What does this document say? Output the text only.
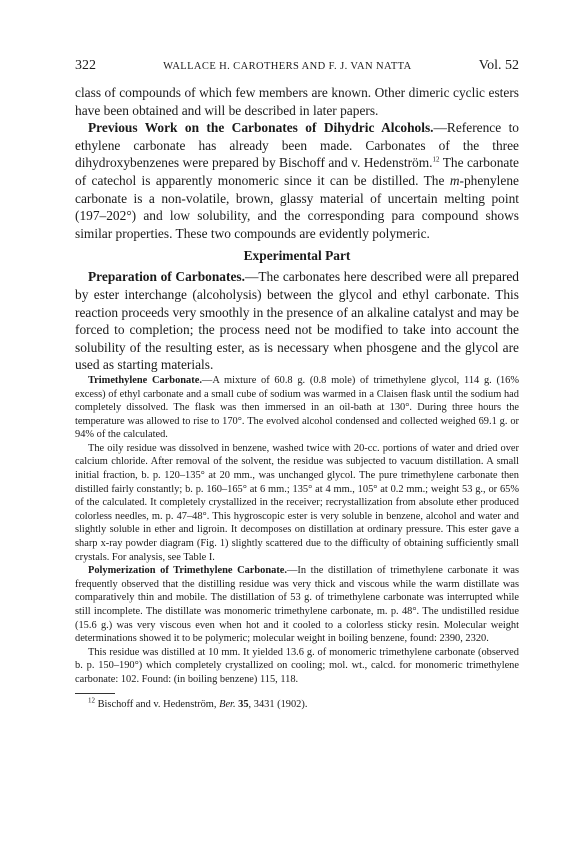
322	WALLACE H. CAROTHERS AND F. J. VAN NATTA	Vol. 52

class of compounds of which few members are known. Other dimeric cyclic esters have been obtained and will be described in later papers.

Previous Work on the Carbonates of Dihydric Alcohols.—Reference to ethylene carbonate has already been made. Carbonates of the three dihydroxybenzenes were prepared by Bischoff and v. Hedenström.$^{12}$ The carbonate of catechol is apparently monomeric since it can be distilled. The m-phenylene carbonate is a non-volatile, brown, glassy material of uncertain melting point (197–202°) and low solubility, and the corresponding para compound shows similar properties. These two compounds are evidently polymeric.

Experimental Part

Preparation of Carbonates.—The carbonates here described were all prepared by ester interchange (alcoholysis) between the glycol and ethyl carbonate. This reaction proceeds very smoothly in the presence of an alkaline catalyst and may be forced to completion; the process need not be modified to take into account the solubility of the resulting ester, as is necessary when phosgene and the glycol are used as starting materials.

Trimethylene Carbonate.—A mixture of 60.8 g. (0.8 mole) of trimethylene glycol, 114 g. (16% excess) of ethyl carbonate and a small cube of sodium was warmed in a Claisen flask until the sodium had completely dissolved. The flask was then immersed in an oil-bath at 130°. During three hours the temperature was allowed to rise to 170°. The evolved alcohol condensed and collected weighed 69.1 g. or 94% of the calculated.

The oily residue was dissolved in benzene, washed twice with 20-cc. portions of water and dried over calcium chloride. After removal of the solvent, the residue was subjected to vacuum distillation. A small initial fraction, b. p. 120–135° at 20 mm., was unchanged glycol. The pure trimethylene carbonate then distilled fairly constantly; b. p. 160–165° at 6 mm.; 135° at 4 mm., 105° at 0.2 mm.; weight 53 g., or 65% of the calculated. It completely crystallized in the receiver; recrystallization from absolute ether produced colorless needles, m. p. 47–48°. This hygroscopic ester is very soluble in benzene, alcohol and water and slightly soluble in ether and ligroin. It decomposes on distillation at ordinary pressure. This ester gave a sharp x-ray powder diagram (Fig. 1) slightly scattered due to the difficulty of obtaining sufficiently small crystals. For analysis, see Table I.

Polymerization of Trimethylene Carbonate.—In the distillation of trimethylene carbonate it was frequently observed that the distilling residue was very thick and viscous while the warm distillate was comparatively thin and mobile. The distillation of 53 g. of trimethylene carbonate was interrupted while still incomplete. The distillate was monomeric trimethylene carbonate, m. p. 48°. The undistilled residue (15.6 g.) was very viscous even when hot and it cooled to a colorless sticky resin. Molecular weight determinations showed it to be polymeric; molecular weight in boiling benzene, found: 2390, 2320.

This residue was distilled at 10 mm. It yielded 13.6 g. of monomeric trimethylene carbonate (observed b. p. 150–190°) which completely crystallized on cooling; mol. wt., calcd. for monomeric trimethylene carbonate: 102. Found: (in boiling benzene) 115, 118.

$^{12}$ Bischoff and v. Hedenström, Ber. 35, 3431 (1902).
